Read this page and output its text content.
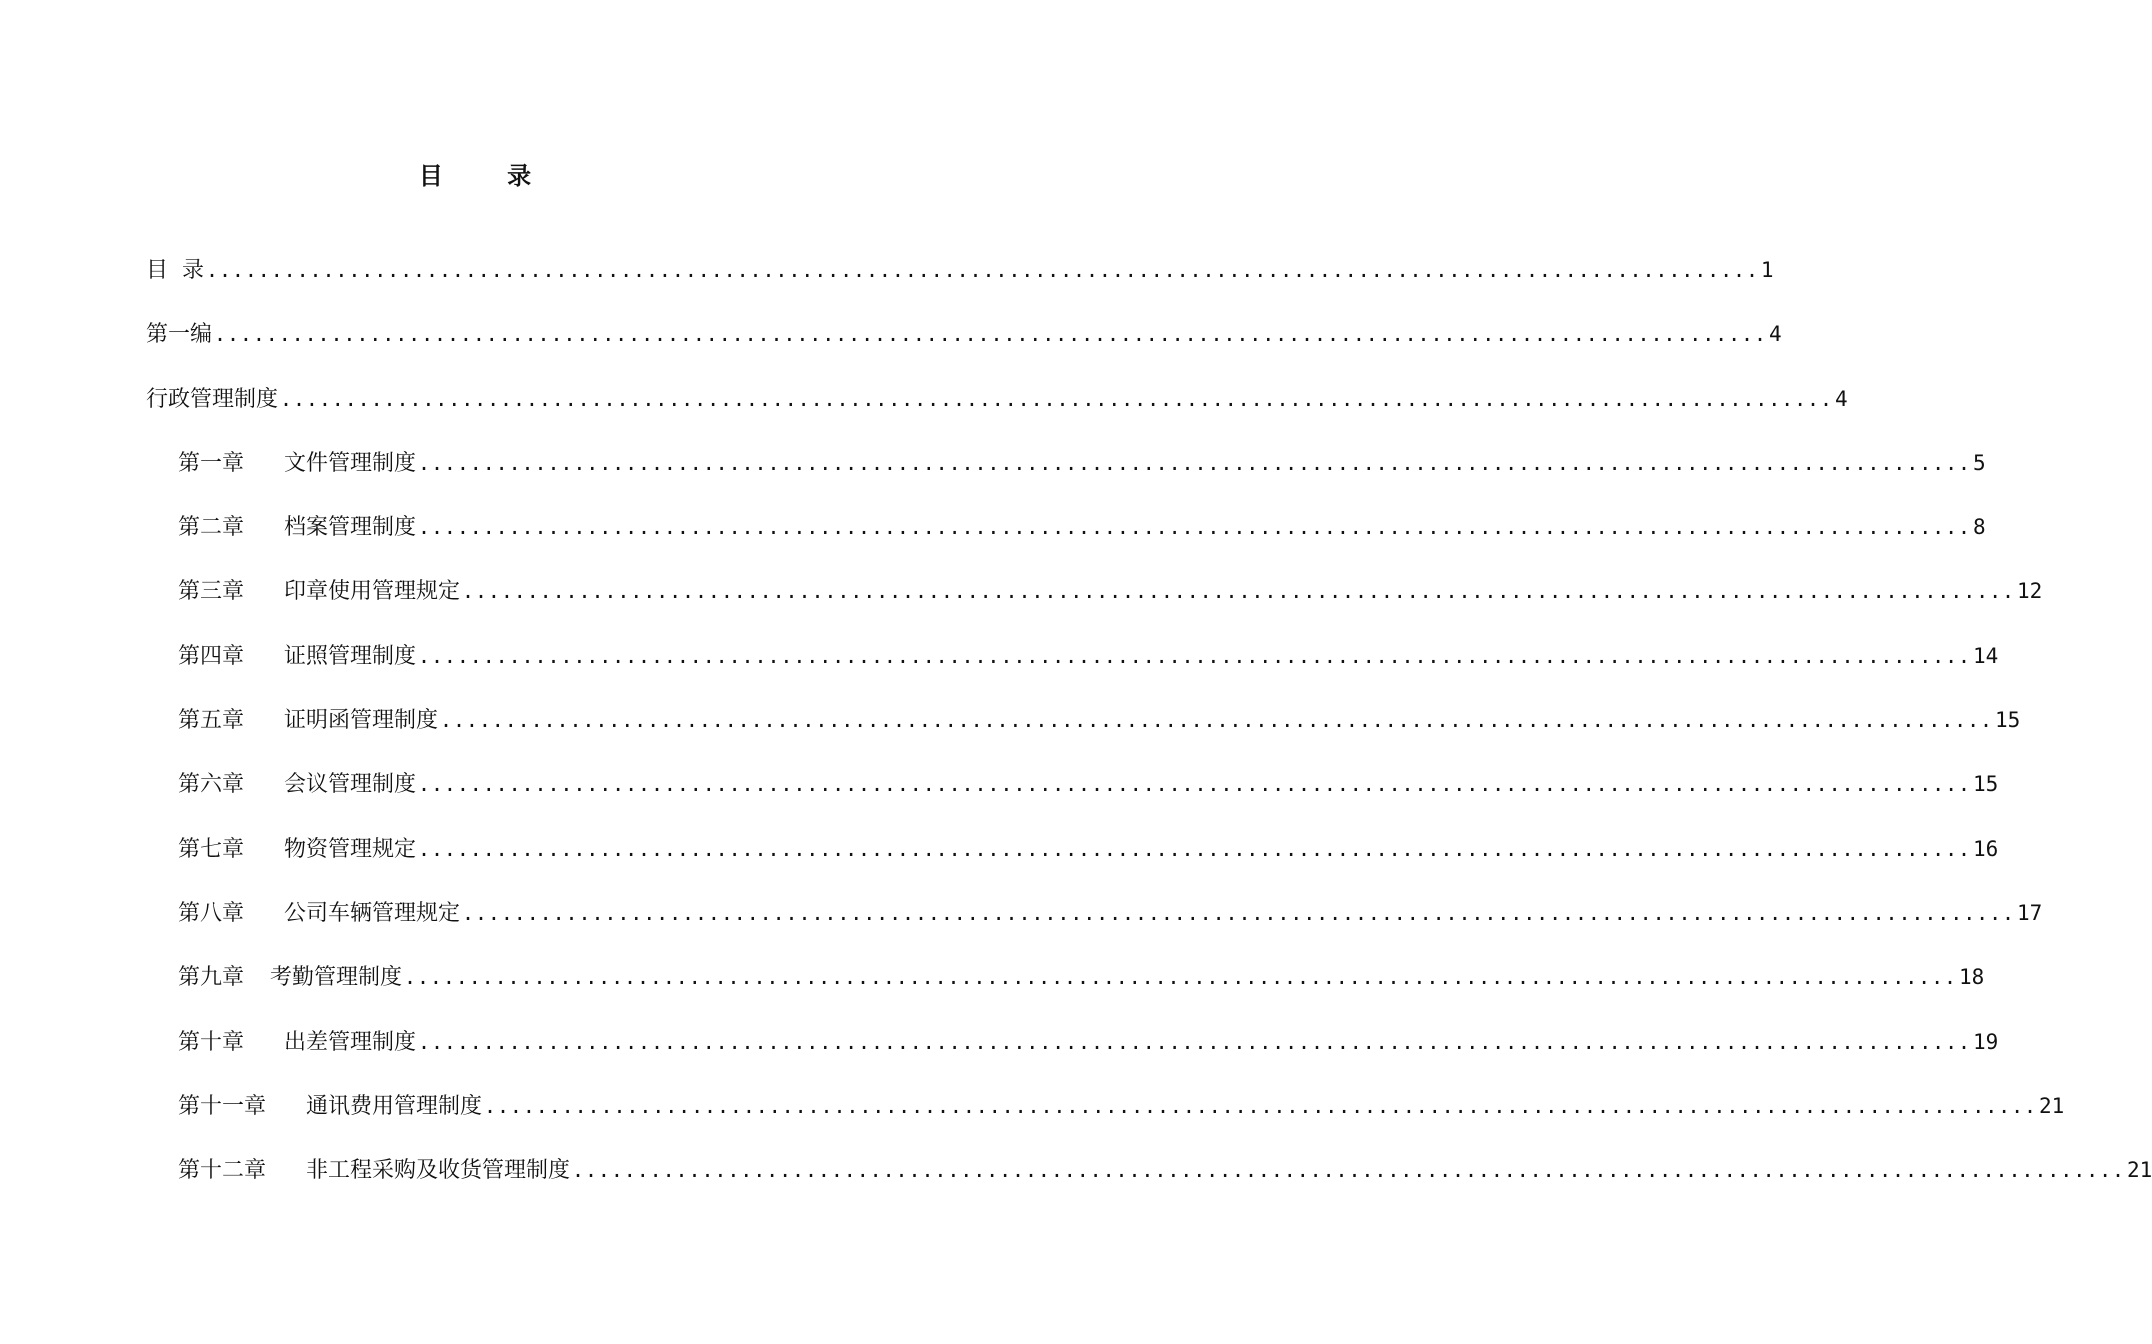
目 录
目  录 ........................................................................................................................ 1
第一编 ........................................................................................................................ 4
行政管理制度 ........................................................................................................................ 4
第一章 文件管理制度 ........................................................................................................................ 5
第二章 档案管理制度 ........................................................................................................................ 8
第三章 印章使用管理规定 ........................................................................................................................ 12
第四章 证照管理制度 ........................................................................................................................ 14
第五章 证明函管理制度 ........................................................................................................................ 15
第六章 会议管理制度 ........................................................................................................................ 15
第七章 物资管理规定 ........................................................................................................................ 16
第八章 公司车辆管理规定 ........................................................................................................................ 17
第九章 考勤管理制度 ........................................................................................................................ 18
第十章 出差管理制度 ........................................................................................................................ 19
第十一章 通讯费用管理制度 ........................................................................................................................ 21
第十二章 非工程采购及收货管理制度 ........................................................................................................................ 21
